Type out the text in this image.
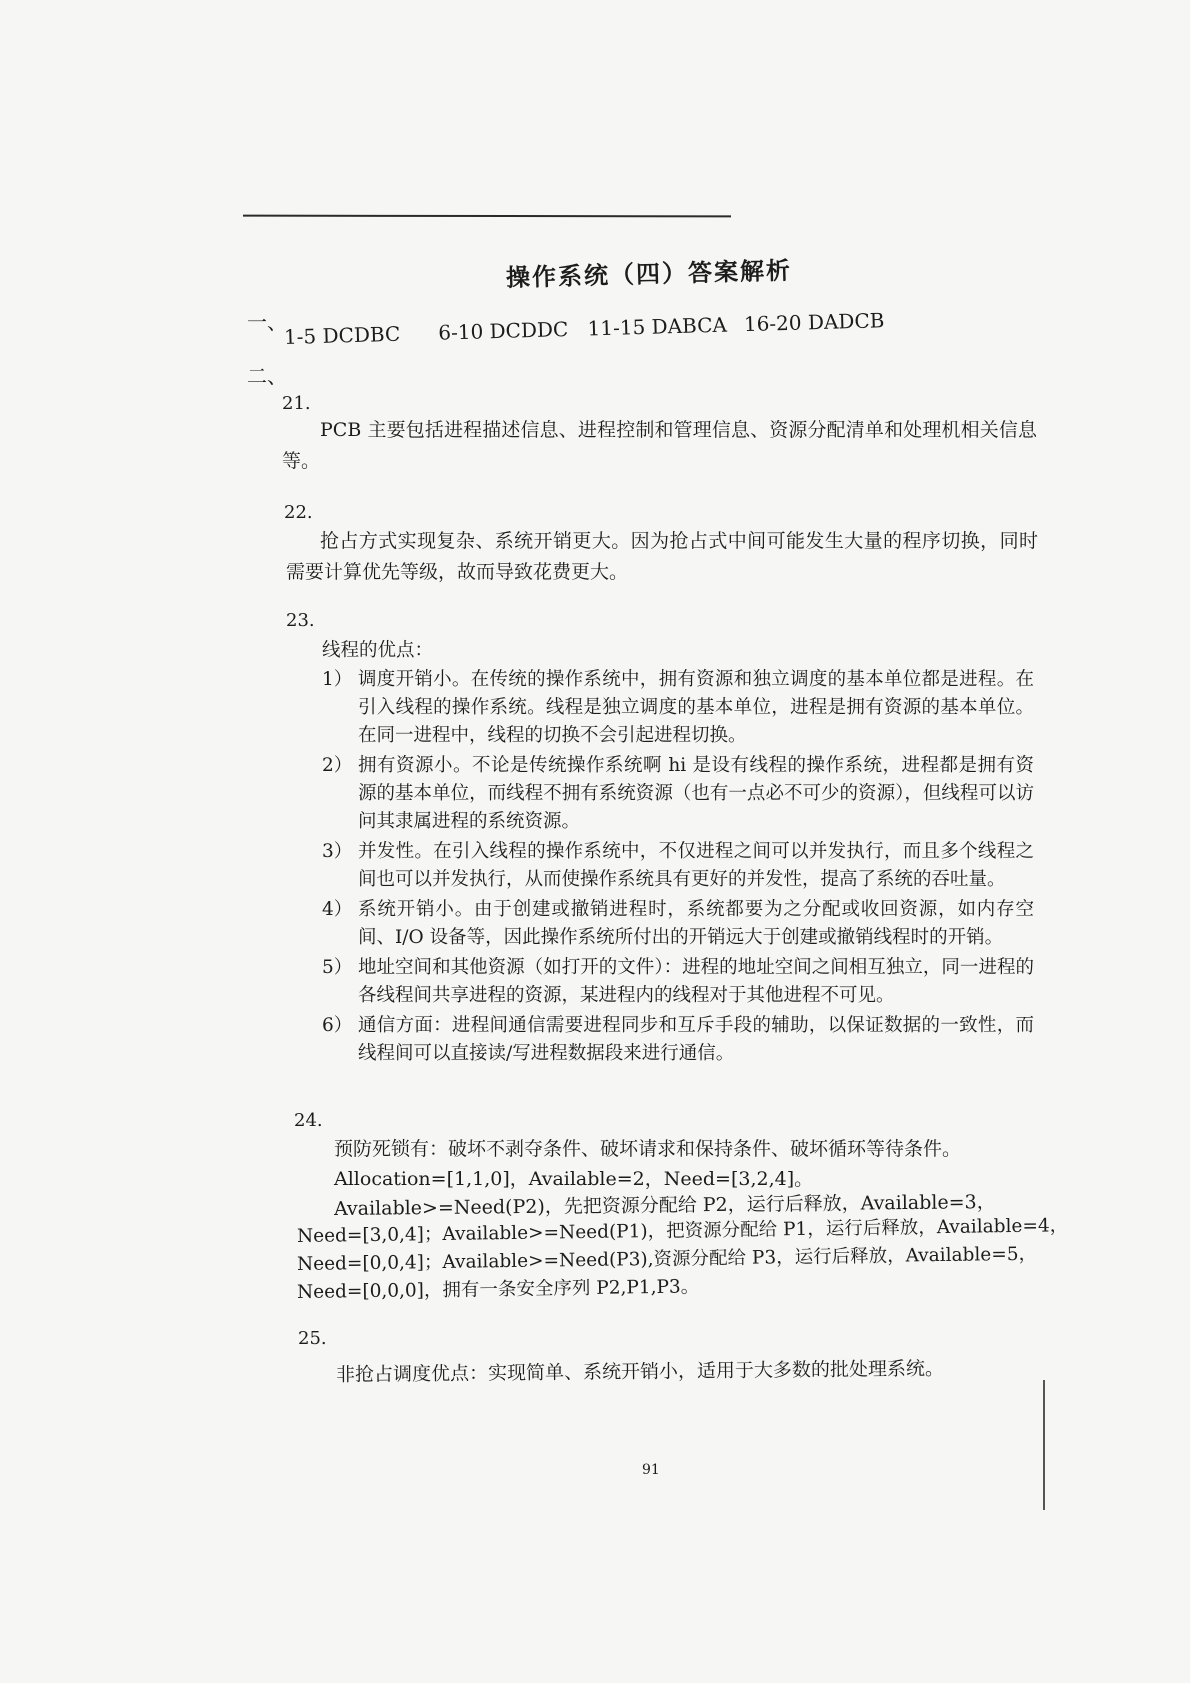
操作系统（四）答案解析
一、
1-5 DCDBC 6-10 DCDDC 11-15 DABCA 16-20 DADCB
二、
21.
PCB 主要包括进程描述信息、进程控制和管理信息、资源分配清单和处理机相关信息等。
22.
抢占方式实现复杂、系统开销更大。因为抢占式中间可能发生大量的程序切换，同时需要计算优先等级，故而导致花费更大。
23.
线程的优点：
1） 调度开销小。在传统的操作系统中，拥有资源和独立调度的基本单位都是进程。在引入线程的操作系统。线程是独立调度的基本单位，进程是拥有资源的基本单位。在同一进程中，线程的切换不会引起进程切换。
2） 拥有资源小。不论是传统操作系统啊 hi 是设有线程的操作系统，进程都是拥有资源的基本单位，而线程不拥有系统资源（也有一点必不可少的资源），但线程可以访问其隶属进程的系统资源。
3） 并发性。在引入线程的操作系统中，不仅进程之间可以并发执行，而且多个线程之间也可以并发执行，从而使操作系统具有更好的并发性，提高了系统的吞吐量。
4） 系统开销小。由于创建或撤销进程时，系统都要为之分配或收回资源，如内存空间、I/O 设备等，因此操作系统所付出的开销远大于创建或撤销线程时的开销。
5） 地址空间和其他资源（如打开的文件）：进程的地址空间之间相互独立，同一进程的各线程间共享进程的资源，某进程内的线程对于其他进程不可见。
6） 通信方面：进程间通信需要进程同步和互斥手段的辅助，以保证数据的一致性，而线程间可以直接读/写进程数据段来进行通信。
24.
预防死锁有：破坏不剥夺条件、破坏请求和保持条件、破坏循环等待条件。
Allocation=[1,1,0]，Available=2，Need=[3,2,4]。
Available>=Need(P2)，先把资源分配给 P2，运行后释放，Available=3，
Need=[3,0,4]；Available>=Need(P1)，把资源分配给 P1，运行后释放，Available=4，
Need=[0,0,4]；Available>=Need(P3),资源分配给 P3，运行后释放，Available=5，
Need=[0,0,0]，拥有一条安全序列 P2,P1,P3。
25.
非抢占调度优点：实现简单、系统开销小，适用于大多数的批处理系统。
91
